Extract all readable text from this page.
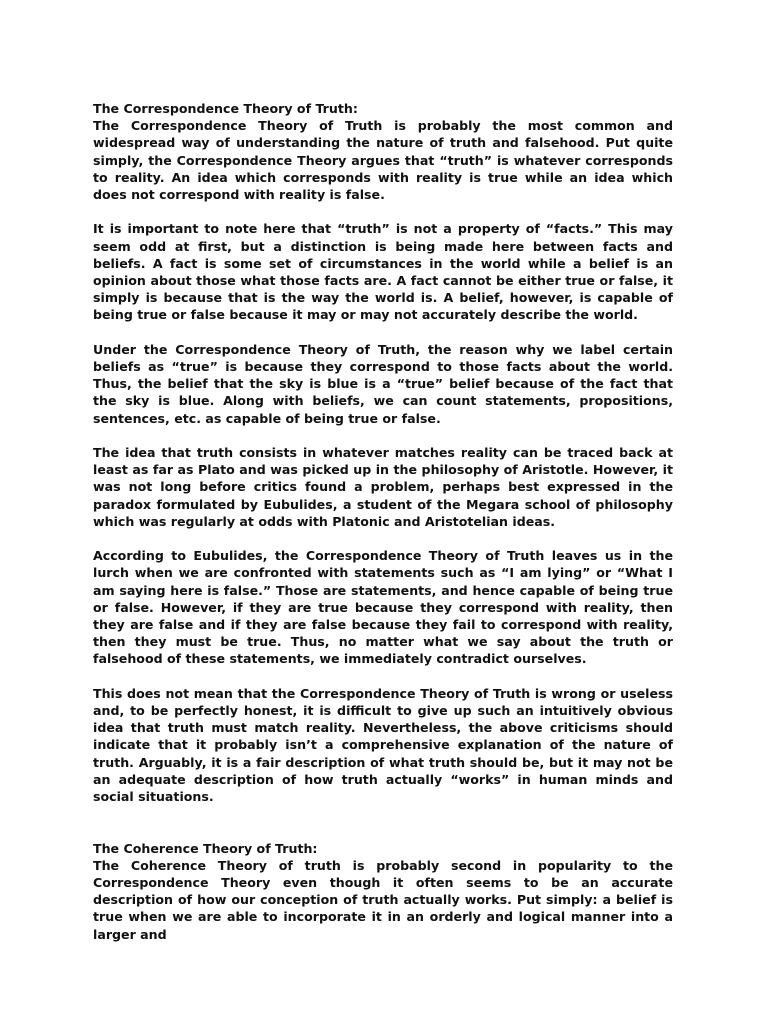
The Correspondence Theory of Truth:

The Correspondence Theory of Truth is probably the most common and widespread way of understanding the nature of truth and falsehood. Put quite simply, the Correspondence Theory argues that “truth” is whatever corresponds to reality. An idea which corresponds with reality is true while an idea which does not correspond with reality is false.

It is important to note here that “truth” is not a property of “facts.” This may seem odd at first, but a distinction is being made here between facts and beliefs. A fact is some set of circumstances in the world while a belief is an opinion about those what those facts are. A fact cannot be either true or false, it simply is because that is the way the world is. A belief, however, is capable of being true or false because it may or may not accurately describe the world.

Under the Correspondence Theory of Truth, the reason why we label certain beliefs as “true” is because they correspond to those facts about the world. Thus, the belief that the sky is blue is a “true” belief because of the fact that the sky is blue. Along with beliefs, we can count statements, propositions, sentences, etc. as capable of being true or false.

The idea that truth consists in whatever matches reality can be traced back at least as far as Plato and was picked up in the philosophy of Aristotle. However, it was not long before critics found a problem, perhaps best expressed in the paradox formulated by Eubulides, a student of the Megara school of philosophy which was regularly at odds with Platonic and Aristotelian ideas.

According to Eubulides, the Correspondence Theory of Truth leaves us in the lurch when we are confronted with statements such as “I am lying” or “What I am saying here is false.” Those are statements, and hence capable of being true or false. However, if they are true because they correspond with reality, then they are false and if they are false because they fail to correspond with reality, then they must be true. Thus, no matter what we say about the truth or falsehood of these statements, we immediately contradict ourselves.

This does not mean that the Correspondence Theory of Truth is wrong or useless and, to be perfectly honest, it is difficult to give up such an intuitively obvious idea that truth must match reality. Nevertheless, the above criticisms should indicate that it probably isn’t a comprehensive explanation of the nature of truth. Arguably, it is a fair description of what truth should be, but it may not be an adequate description of how truth actually “works” in human minds and social situations.

The Coherence Theory of Truth:

The Coherence Theory of truth is probably second in popularity to the Correspondence Theory even though it often seems to be an accurate description of how our conception of truth actually works. Put simply: a belief is true when we are able to incorporate it in an orderly and logical manner into a larger and
